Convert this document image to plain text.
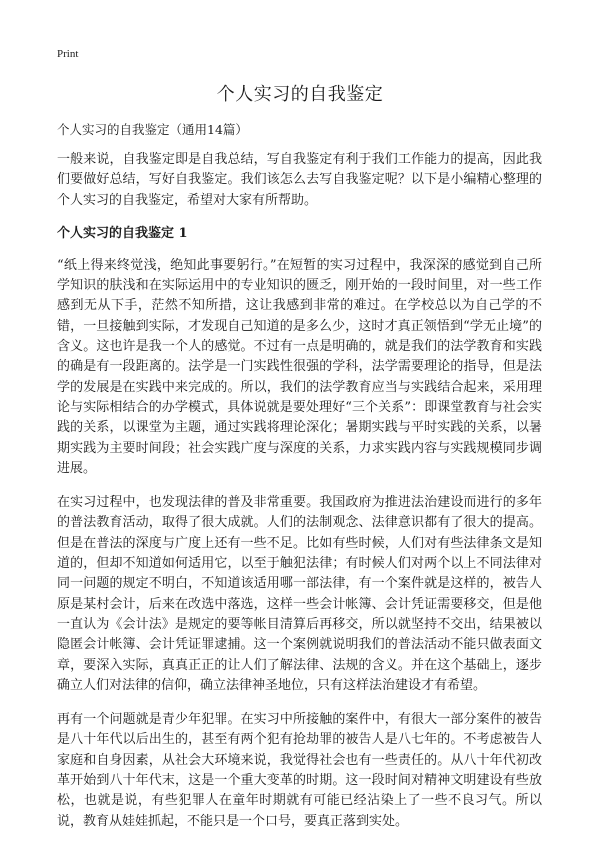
Print
个人实习的自我鉴定
个人实习的自我鉴定（通用14篇）

一般来说，自我鉴定即是自我总结，写自我鉴定有利于我们工作能力的提高，因此我们要做好总结，写好自我鉴定。我们该怎么去写自我鉴定呢？以下是小编精心整理的个人实习的自我鉴定，希望对大家有所帮助。

个人实习的自我鉴定 1

“纸上得来终觉浅，绝知此事要躬行。”在短暂的实习过程中，我深深的感觉到自己所学知识的肤浅和在实际运用中的专业知识的匮乏，刚开始的一段时间里，对一些工作感到无从下手，茫然不知所措，这让我感到非常的难过。在学校总以为自己学的不错，一旦接触到实际，才发现自己知道的是多么少，这时才真正领悟到“学无止境”的含义。这也许是我一个人的感觉。不过有一点是明确的，就是我们的法学教育和实践的确是有一段距离的。法学是一门实践性很强的学科，法学需要理论的指导，但是法学的发展是在实践中来完成的。所以，我们的法学教育应当与实践结合起来，采用理论与实际相结合的办学模式，具体说就是要处理好“三个关系”：即课堂教育与社会实践的关系，以课堂为主题，通过实践将理论深化；暑期实践与平时实践的关系，以暑期实践为主要时间段；社会实践广度与深度的关系，力求实践内容与实践规模同步调进展。

在实习过程中，也发现法律的普及非常重要。我国政府为推进法治建设而进行的多年的普法教育活动，取得了很大成就。人们的法制观念、法律意识都有了很大的提高。但是在普法的深度与广度上还有一些不足。比如有些时候，人们对有些法律条文是知道的，但却不知道如何适用它，以至于触犯法律；有时候人们对两个以上不同法律对同一问题的规定不明白，不知道该适用哪一部法律，有一个案件就是这样的，被告人原是某村会计，后来在改选中落选，这样一些会计帐簿、会计凭证需要移交，但是他一直认为《会计法》是规定的要等帐目清算后再移交，所以就坚持不交出，结果被以隐匿会计帐簿、会计凭证罪逮捕。这一个案例就说明我们的普法活动不能只做表面文章，要深入实际，真真正正的让人们了解法律、法规的含义。并在这个基础上，逐步确立人们对法律的信仰，确立法律神圣地位，只有这样法治建设才有希望。

再有一个问题就是青少年犯罪。在实习中所接触的案件中，有很大一部分案件的被告是八十年代以后出生的，甚至有两个犯有抢劫罪的被告人是八七年的。不考虑被告人家庭和自身因素，从社会大环境来说，我觉得社会也有一些责任的。从八十年代初改革开始到八十年代末，这是一个重大变革的时期。这一段时间对精神文明建设有些放松，也就是说，有些犯罪人在童年时期就有可能已经沾染上了一些不良习气。所以说，教育从娃娃抓起，不能只是一个口号，要真正落到实处。
